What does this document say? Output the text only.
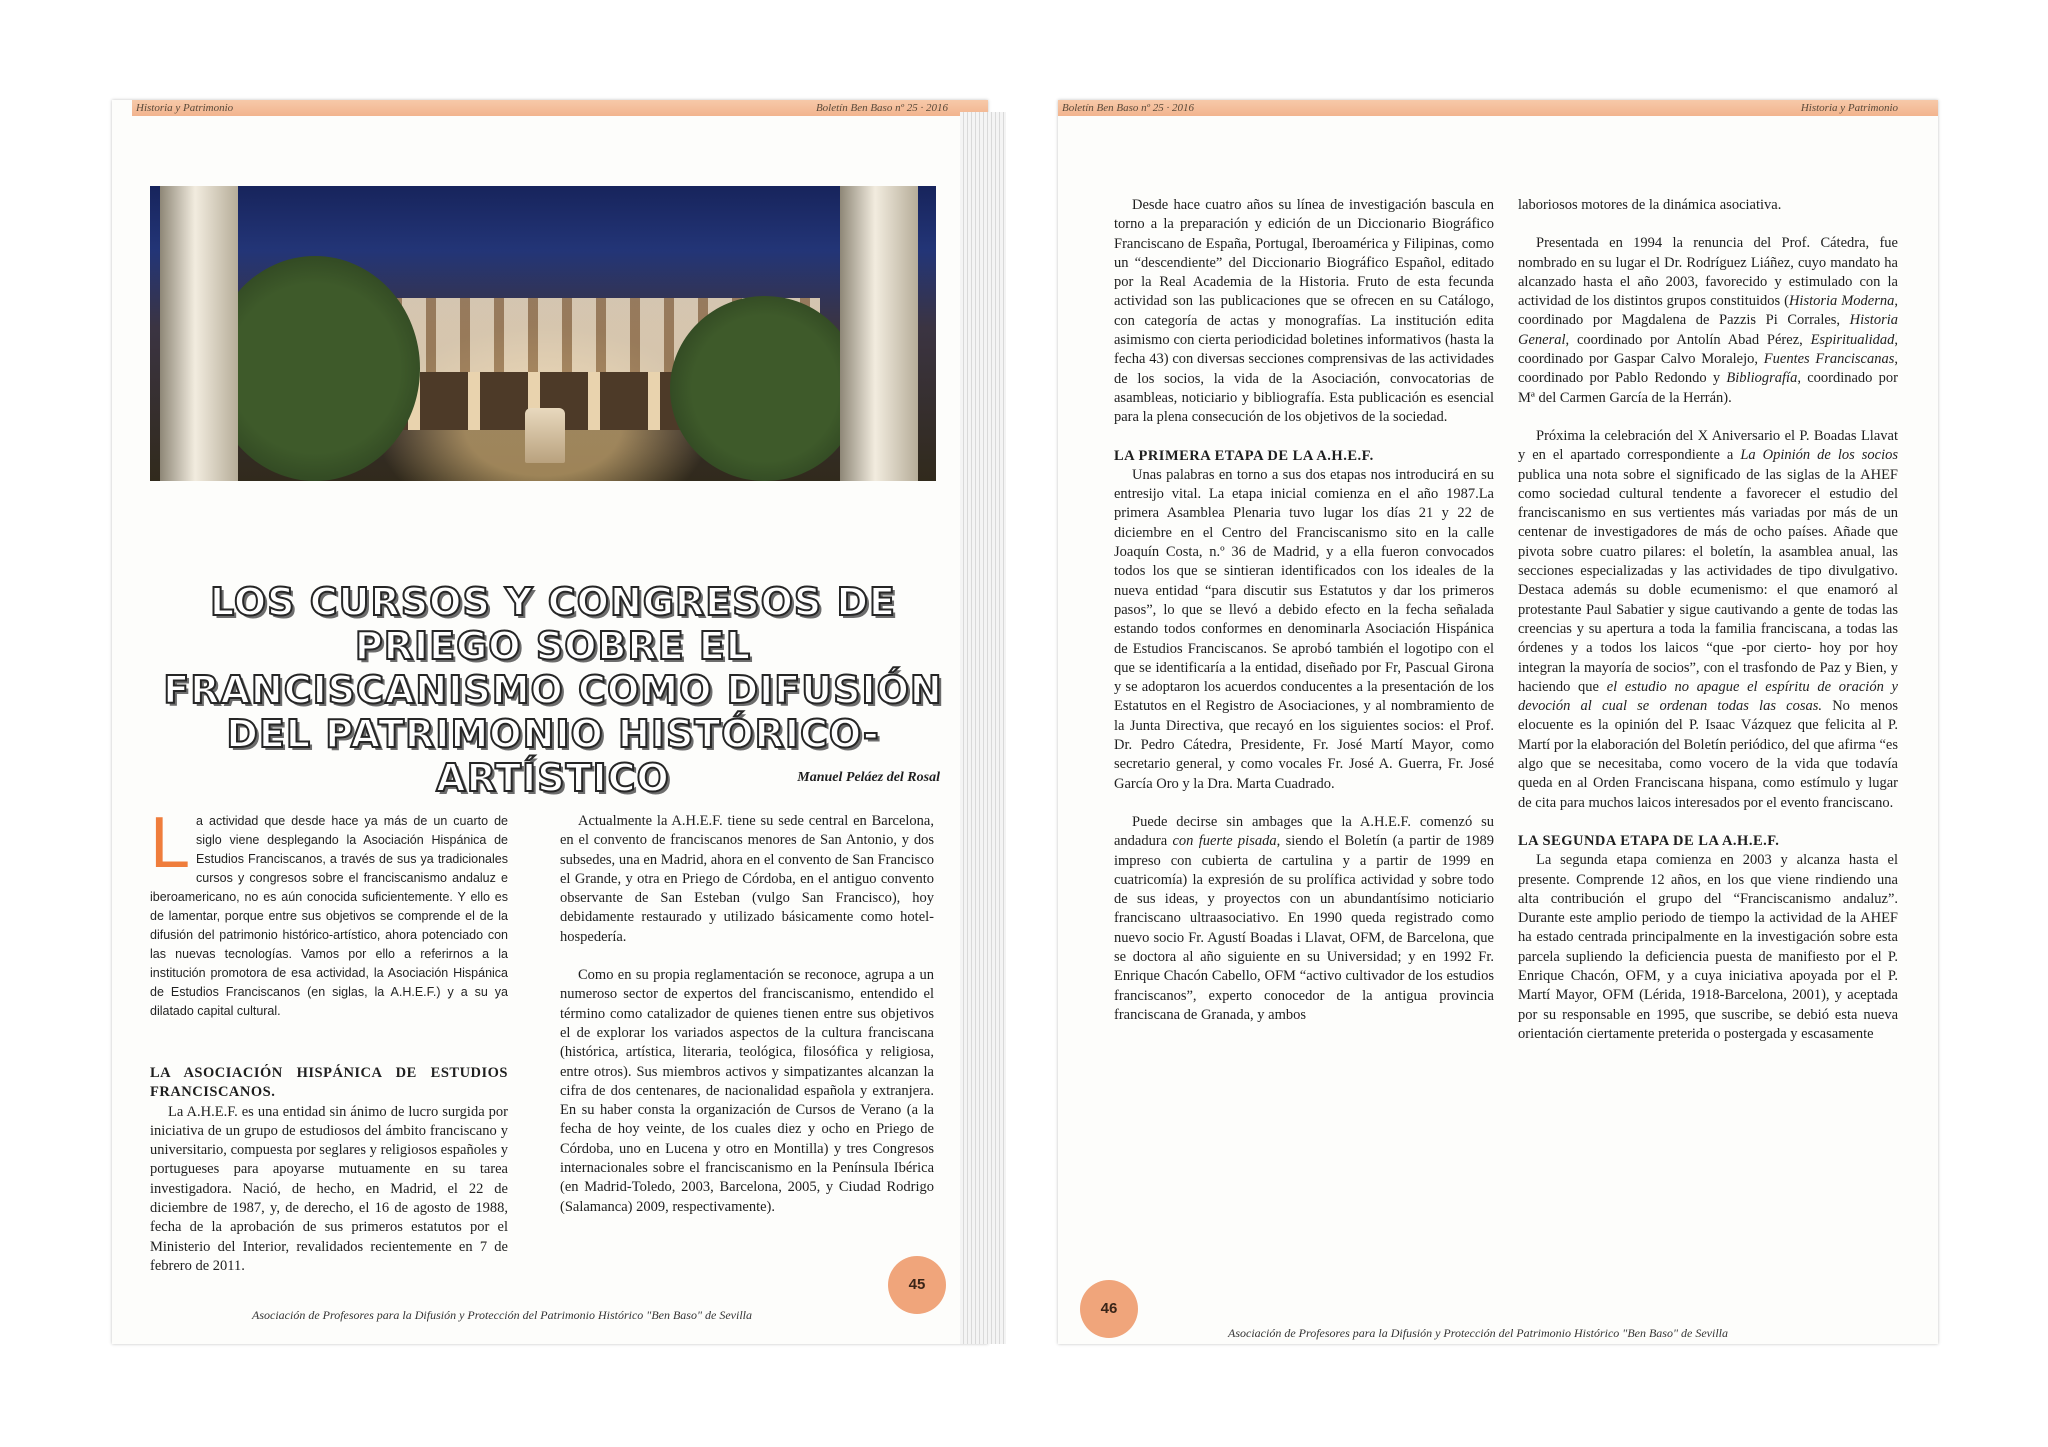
Historia y Patrimonio	Boletín Ben Baso nº 25 · 2016
LOS CURSOS Y CONGRESOS DE PRIEGO SOBRE EL FRANCISCANISMO COMO DIFUSIÓN DEL PATRIMONIO HISTÓRICO-ARTÍSTICO	Manuel Peláez del Rosal

La actividad que desde hace ya más de un cuarto de siglo viene desplegando la Asociación Hispánica de Estudios Franciscanos, a través de sus ya tradicionales cursos y congresos sobre el franciscanismo andaluz e iberoamericano, no es aún conocida suficientemente. Y ello es de lamentar, porque entre sus objetivos se comprende el de la difusión del patrimonio histórico-artístico, ahora potenciado con las nuevas tecnologías. Vamos por ello a referirnos a la institución promotora de esa actividad, la Asociación Hispánica de Estudios Franciscanos (en siglas, la A.H.E.F.) y a su ya dilatado capital cultural.

LA ASOCIACIÓN HISPÁNICA DE ESTUDIOS FRANCISCANOS.

La A.H.E.F. es una entidad sin ánimo de lucro surgida por iniciativa de un grupo de estudiosos del ámbito franciscano y universitario, compuesta por seglares y religiosos españoles y portugueses para apoyarse mutuamente en su tarea investigadora. Nació, de hecho, en Madrid, el 22 de diciembre de 1987, y, de derecho, el 16 de agosto de 1988, fecha de la aprobación de sus primeros estatutos por el Ministerio del Interior, revalidados recientemente en 7 de febrero de 2011.

Actualmente la A.H.E.F. tiene su sede central en Barcelona, en el convento de franciscanos menores de San Antonio, y dos subsedes, una en Madrid, ahora en el convento de San Francisco el Grande, y otra en Priego de Córdoba, en el antiguo convento observante de San Esteban (vulgo San Francisco), hoy debidamente restaurado y utilizado básicamente como hotel-hospedería.

Como en su propia reglamentación se reconoce, agrupa a un numeroso sector de expertos del franciscanismo, entendido el término como catalizador de quienes tienen entre sus objetivos el de explorar los variados aspectos de la cultura franciscana (histórica, artística, literaria, teológica, filosófica y religiosa, entre otros). Sus miembros activos y simpatizantes alcanzan la cifra de dos centenares, de nacionalidad española y extranjera. En su haber consta la organización de Cursos de Verano (a la fecha de hoy veinte, de los cuales diez y ocho en Priego de Córdoba, uno en Lucena y otro en Montilla) y tres Congresos internacionales sobre el franciscanismo en la Península Ibérica (en Madrid-Toledo, 2003, Barcelona, 2005, y Ciudad Rodrigo (Salamanca) 2009, respectivamente).

45

Asociación de Profesores para la Difusión y Protección del Patrimonio Histórico "Ben Baso" de Sevilla

Boletín Ben Baso nº 25 · 2016	Historia y Patrimonio

Desde hace cuatro años su línea de investigación bascula en torno a la preparación y edición de un Diccionario Biográfico Franciscano de España, Portugal, Iberoamérica y Filipinas, como un “descendiente” del Diccionario Biográfico Español, editado por la Real Academia de la Historia. Fruto de esta fecunda actividad son las publicaciones que se ofrecen en su Catálogo, con categoría de actas y monografías. La institución edita asimismo con cierta periodicidad boletines informativos (hasta la fecha 43) con diversas secciones comprensivas de las actividades de los socios, la vida de la Asociación, convocatorias de asambleas, noticiario y bibliografía. Esta publicación es esencial para la plena consecución de los objetivos de la sociedad.

LA PRIMERA ETAPA DE LA A.H.E.F.

Unas palabras en torno a sus dos etapas nos introducirá en su entresijo vital. La etapa inicial comienza en el año 1987.La primera Asamblea Plenaria tuvo lugar los días 21 y 22 de diciembre en el Centro del Franciscanismo sito en la calle Joaquín Costa, n.º 36 de Madrid, y a ella fueron convocados todos los que se sintieran identificados con los ideales de la nueva entidad “para discutir sus Estatutos y dar los primeros pasos”, lo que se llevó a debido efecto en la fecha señalada estando todos conformes en denominarla Asociación Hispánica de Estudios Franciscanos. Se aprobó también el logotipo con el que se identificaría a la entidad, diseñado por Fr, Pascual Girona y se adoptaron los acuerdos conducentes a la presentación de los Estatutos en el Registro de Asociaciones, y al nombramiento de la Junta Directiva, que recayó en los siguientes socios: el Prof. Dr. Pedro Cátedra, Presidente, Fr. José Martí Mayor, como secretario general, y como vocales Fr. José A. Guerra, Fr. José García Oro y la Dra. Marta Cuadrado.

Puede decirse sin ambages que la A.H.E.F. comenzó su andadura con fuerte pisada, siendo el Boletín (a partir de 1989 impreso con cubierta de cartulina y a partir de 1999 en cuatricomía) la expresión de su prolífica actividad y sobre todo de sus ideas, y proyectos con un abundantísimo noticiario franciscano ultraasociativo. En 1990 queda registrado como nuevo socio Fr. Agustí Boadas i Llavat, OFM, de Barcelona, que se doctora al año siguiente en su Universidad; y en 1992 Fr. Enrique Chacón Cabello, OFM “activo cultivador de los estudios franciscanos”, experto conocedor de la antigua provincia franciscana de Granada, y ambos

laboriosos motores de la dinámica asociativa.

Presentada en 1994 la renuncia del Prof. Cátedra, fue nombrado en su lugar el Dr. Rodríguez Liáñez, cuyo mandato ha alcanzado hasta el año 2003, favorecido y estimulado con la actividad de los distintos grupos constituidos (Historia Moderna, coordinado por Magdalena de Pazzis Pi Corrales, Historia General, coordinado por Antolín Abad Pérez, Espiritualidad, coordinado por Gaspar Calvo Moralejo, Fuentes Franciscanas, coordinado por Pablo Redondo y Bibliografía, coordinado por Mª del Carmen García de la Herrán).

Próxima la celebración del X Aniversario el P. Boadas Llavat y en el apartado correspondiente a La Opinión de los socios publica una nota sobre el significado de las siglas de la AHEF como sociedad cultural tendente a favorecer el estudio del franciscanismo en sus vertientes más variadas por más de un centenar de investigadores de más de ocho países. Añade que pivota sobre cuatro pilares: el boletín, la asamblea anual, las secciones especializadas y las actividades de tipo divulgativo. Destaca además su doble ecumenismo: el que enamoró al protestante Paul Sabatier y sigue cautivando a gente de todas las creencias y su apertura a toda la familia franciscana, a todas las órdenes y a todos los laicos “que -por cierto- hoy por hoy integran la mayoría de socios”, con el trasfondo de Paz y Bien, y haciendo que el estudio no apague el espíritu de oración y devoción al cual se ordenan todas las cosas. No menos elocuente es la opinión del P. Isaac Vázquez que felicita al P. Martí por la elaboración del Boletín periódico, del que afirma “es algo que se necesitaba, como vocero de la vida que todavía queda en al Orden Franciscana hispana, como estímulo y lugar de cita para muchos laicos interesados por el evento franciscano.

LA SEGUNDA ETAPA DE LA A.H.E.F.

La segunda etapa comienza en 2003 y alcanza hasta el presente. Comprende 12 años, en los que viene rindiendo una alta contribución el grupo del “Franciscanismo andaluz”. Durante este amplio periodo de tiempo la actividad de la AHEF ha estado centrada principalmente en la investigación sobre esta parcela supliendo la deficiencia puesta de manifiesto por el P. Enrique Chacón, OFM, y a cuya iniciativa apoyada por el P. Martí Mayor, OFM (Lérida, 1918-Barcelona, 2001), y aceptada por su responsable en 1995, que suscribe, se debió esta nueva orientación ciertamente preterida o postergada y escasamente

46

Asociación de Profesores para la Difusión y Protección del Patrimonio Histórico "Ben Baso" de Sevilla
